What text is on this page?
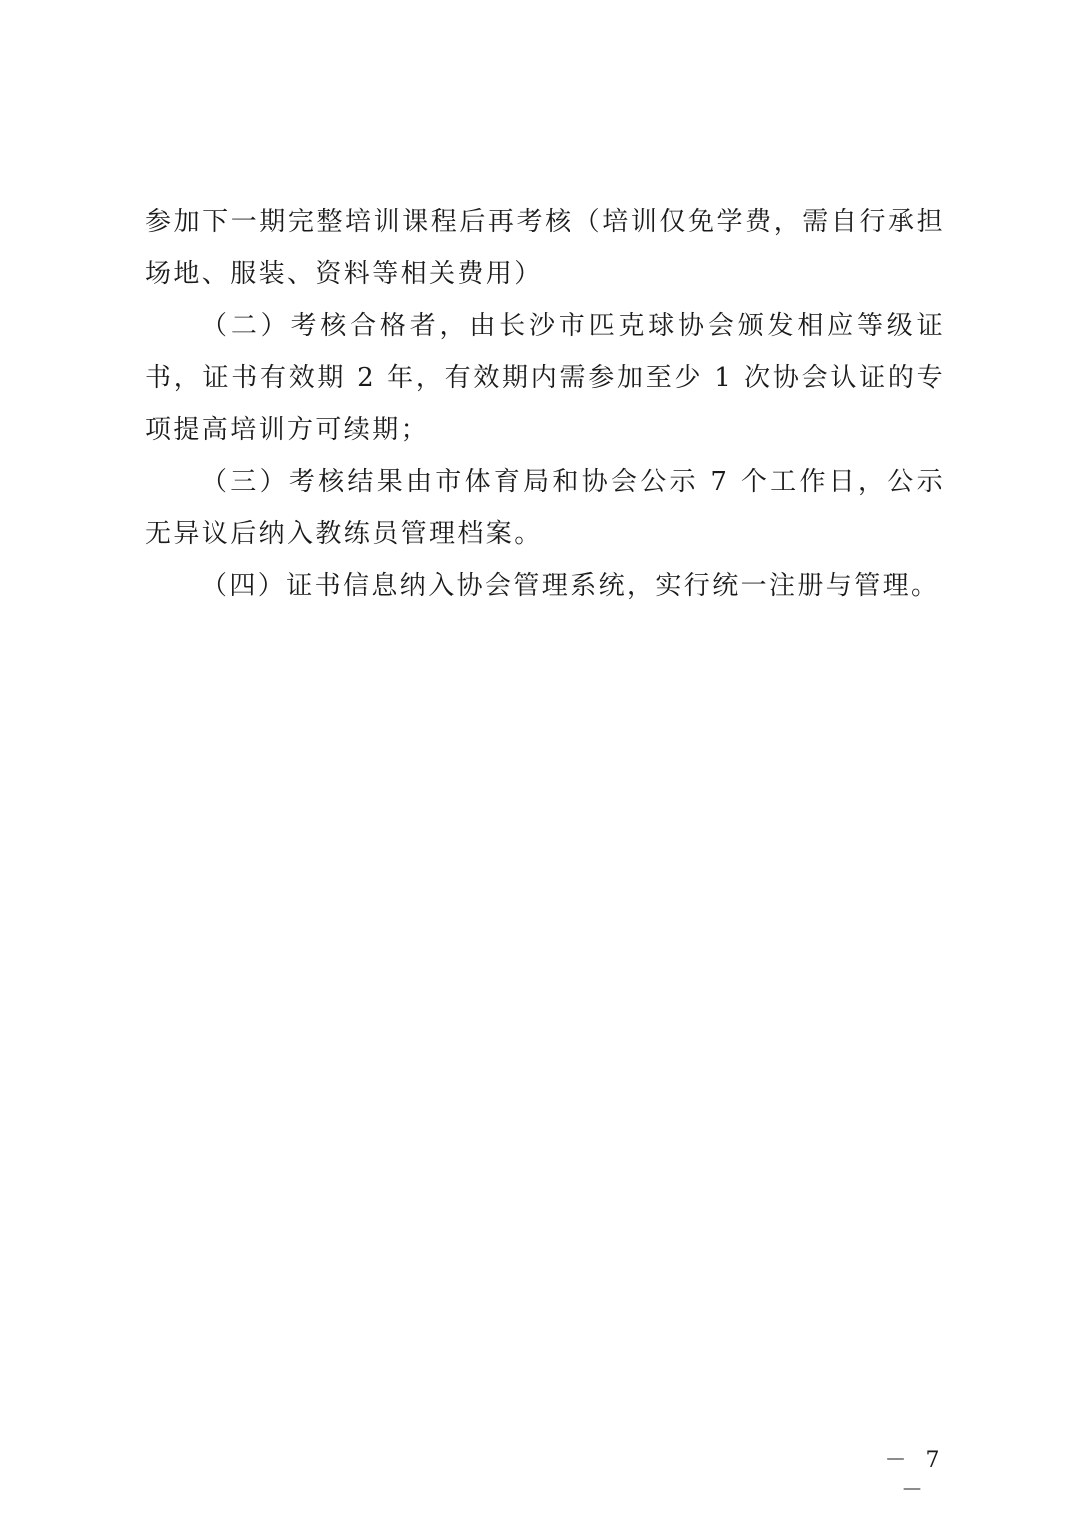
参加下一期完整培训课程后再考核（培训仅免学费，需自行承担场地、服装、资料等相关费用）

（二）考核合格者，由长沙市匹克球协会颁发相应等级证书，证书有效期 2 年，有效期内需参加至少 1 次协会认证的专项提高培训方可续期；

（三）考核结果由市体育局和协会公示 7 个工作日，公示无异议后纳入教练员管理档案。

（四）证书信息纳入协会管理系统，实行统一注册与管理。

－ 7 －
